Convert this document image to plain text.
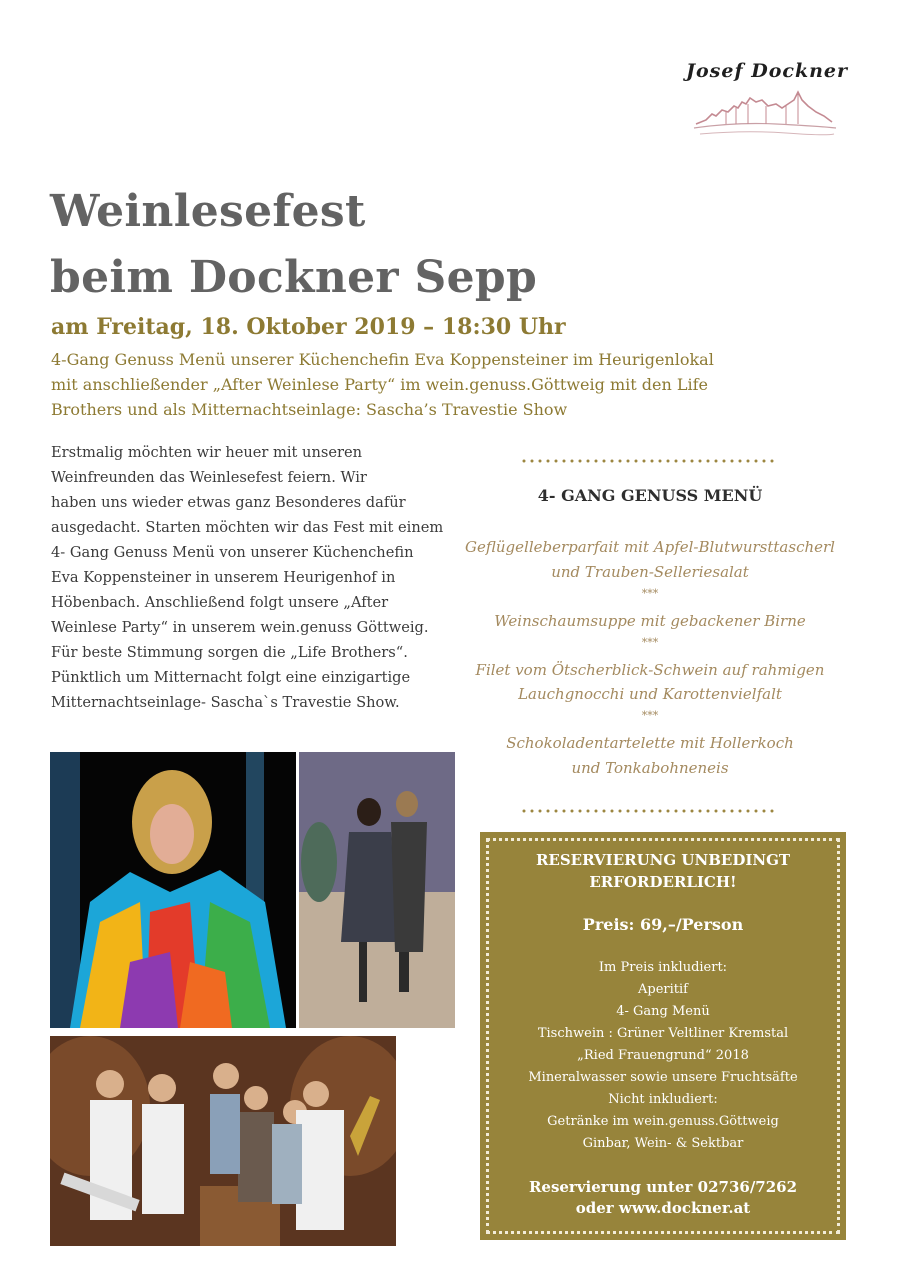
Josef Dockner
Weinlesefest
beim Dockner Sepp
am Freitag, 18. Oktober 2019 – 18:30 Uhr
4-Gang Genuss Menü unserer Küchenchefin Eva Koppensteiner im Heurigenlokal
mit anschließender „After Weinlese Party“ im wein.genuss.Göttweig mit den Life
Brothers und als Mitternachtseinlage: Sascha’s Travestie Show
Erstmalig möchten wir heuer mit unseren
Weinfreunden das Weinlesefest feiern. Wir
haben uns wieder etwas ganz Besonderes dafür
ausgedacht. Starten möchten wir das Fest mit einem
4- Gang Genuss Menü von unserer Küchenchefin
Eva Koppensteiner in unserem Heurigenhof in
Höbenbach. Anschließend folgt unsere „After
Weinlese Party“ in unserem wein.genuss Göttweig.
Für beste Stimmung sorgen die „Life Brothers“.
Pünktlich um Mitternacht folgt eine einzigartige
Mitternachtseinlage- Sascha`s Travestie Show.
4- GANG GENUSS MENÜ
Geflügelleberparfait mit Apfel-Blutwursttascherl
und Trauben-Selleriesalat
***
Weinschaumsuppe mit gebackener Birne
***
Filet vom Ötscherblick-Schwein auf rahmigen
Lauchgnocchi und Karottenvielfalt
***
Schokoladentartelette mit Hollerkoch
und Tonkabohneneis
RESERVIERUNG UNBEDINGT
ERFORDERLICH!
Preis: 69,–/Person
Im Preis inkludiert:
Aperitif
4- Gang Menü
Tischwein : Grüner Veltliner Kremstal
„Ried Frauengrund“ 2018
Mineralwasser sowie unsere Fruchtsäfte
Nicht inkludiert:
Getränke im wein.genuss.Göttweig
Ginbar, Wein- & Sektbar
Reservierung unter 02736/7262
oder www.dockner.at
